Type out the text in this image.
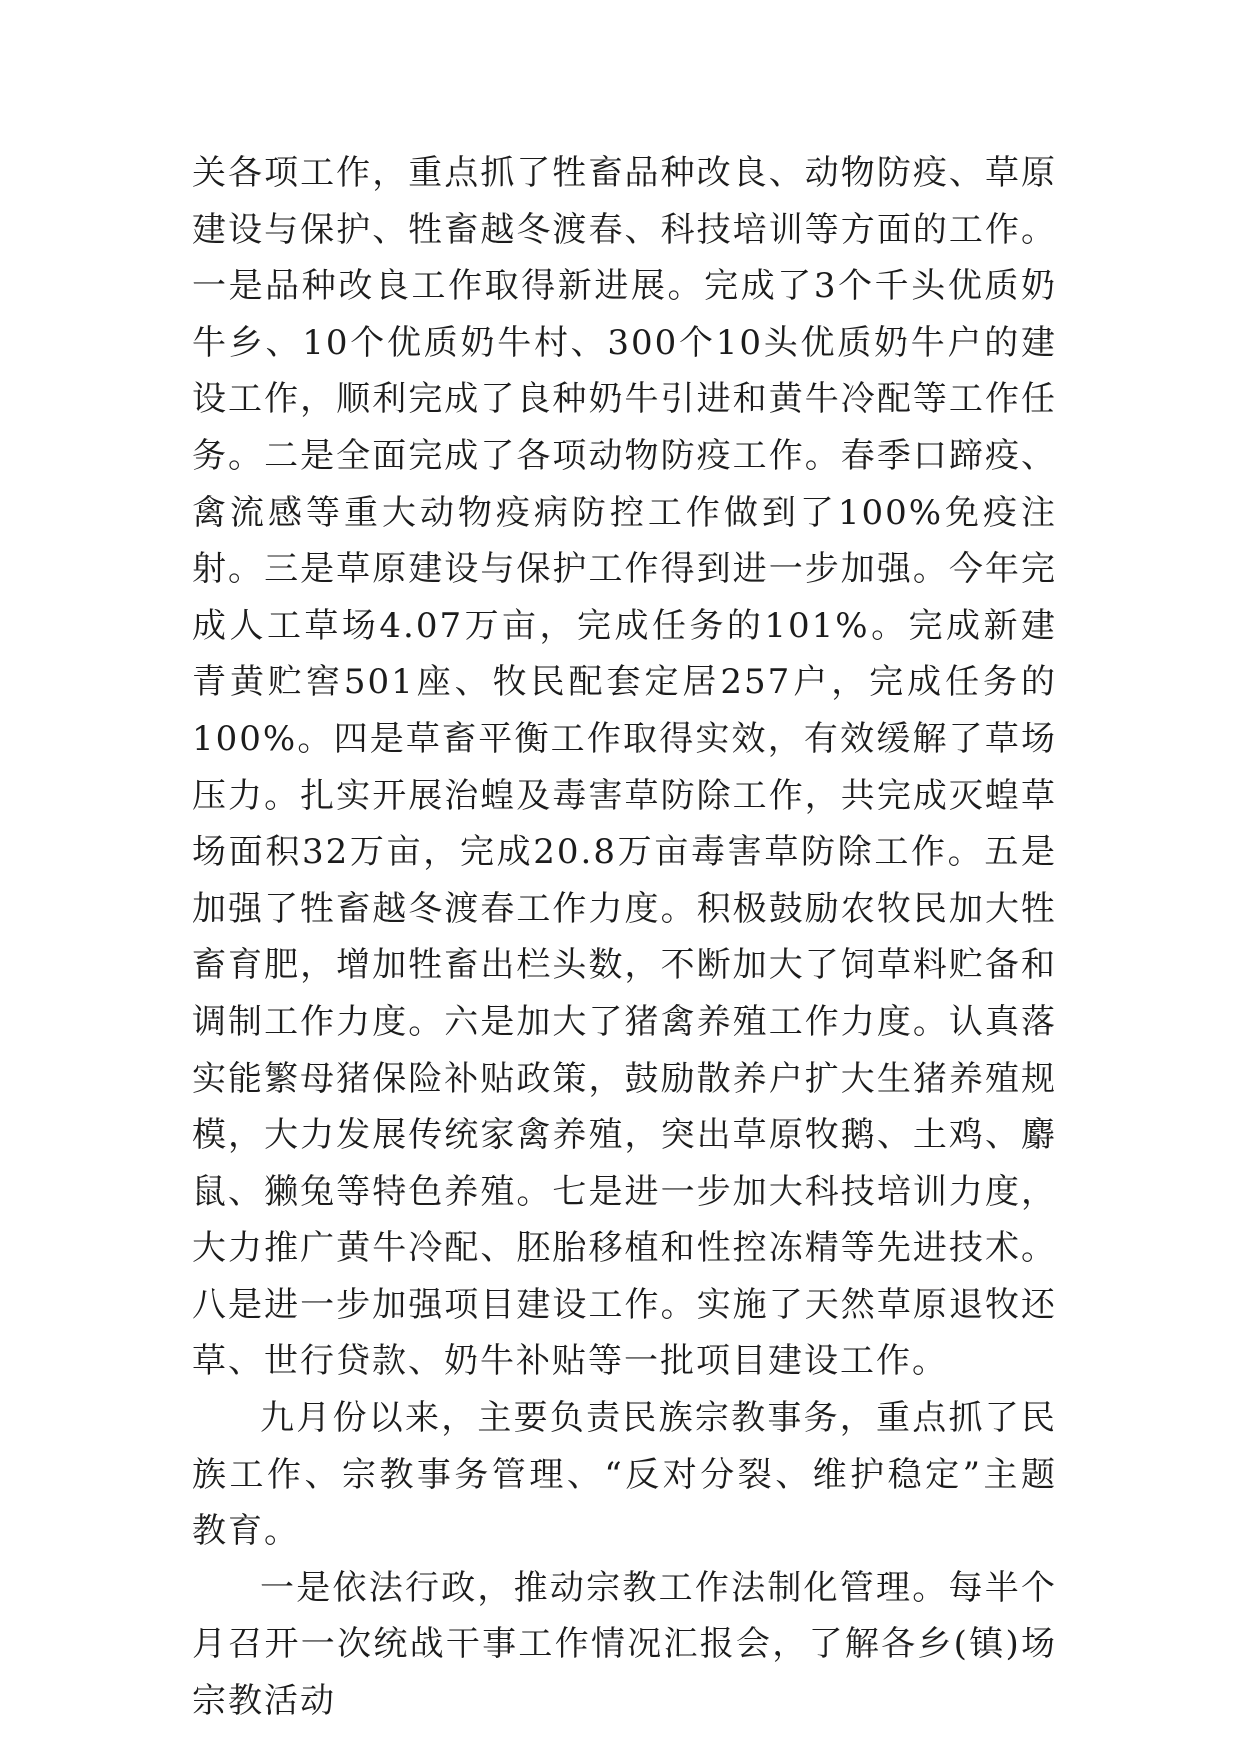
关各项工作，重点抓了牲畜品种改良、动物防疫、草原建设与保护、牲畜越冬渡春、科技培训等方面的工作。一是品种改良工作取得新进展。完成了3个千头优质奶牛乡、10个优质奶牛村、300个10头优质奶牛户的建设工作，顺利完成了良种奶牛引进和黄牛冷配等工作任务。二是全面完成了各项动物防疫工作。春季口蹄疫、禽流感等重大动物疫病防控工作做到了100%免疫注射。三是草原建设与保护工作得到进一步加强。今年完成人工草场4.07万亩，完成任务的101%。完成新建青黄贮窖501座、牧民配套定居257户，完成任务的100%。四是草畜平衡工作取得实效，有效缓解了草场压力。扎实开展治蝗及毒害草防除工作，共完成灭蝗草场面积32万亩，完成20.8万亩毒害草防除工作。五是加强了牲畜越冬渡春工作力度。积极鼓励农牧民加大牲畜育肥，增加牲畜出栏头数，不断加大了饲草料贮备和调制工作力度。六是加大了猪禽养殖工作力度。认真落实能繁母猪保险补贴政策，鼓励散养户扩大生猪养殖规模，大力发展传统家禽养殖，突出草原牧鹅、土鸡、麝鼠、獭兔等特色养殖。七是进一步加大科技培训力度，大力推广黄牛冷配、胚胎移植和性控冻精等先进技术。八是进一步加强项目建设工作。实施了天然草原退牧还草、世行贷款、奶牛补贴等一批项目建设工作。

九月份以来，主要负责民族宗教事务，重点抓了民族工作、宗教事务管理、“反对分裂、维护稳定”主题教育。

一是依法行政，推动宗教工作法制化管理。每半个月召开一次统战干事工作情况汇报会，了解各乡(镇)场宗教活动
